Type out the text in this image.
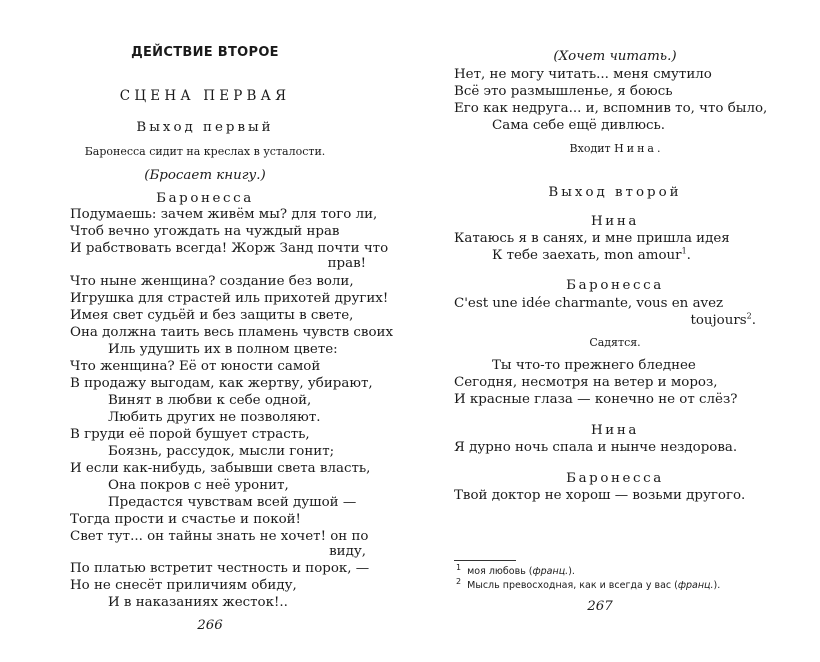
ДЕЙСТВИЕ ВТОРОЕ
СЦЕНА ПЕРВАЯ
Выход первый
Баронесса сидит на креслах в усталости.
(Бросает книгу.)
Баронесса
Подумаешь: зачем живём мы? для того ли,
Чтоб вечно угождать на чуждый нрав
И рабствовать всегда! Жорж Занд почти что
прав!
Что ныне женщина? создание без воли,
Игрушка для страстей иль прихотей других!
Имея свет судьёй и без защиты в свете,
Она должна таить весь пламень чувств своих
Иль удушить их в полном цвете:
Что женщина? Её от юности самой
В продажу выгодам, как жертву, убирают,
Винят в любви к себе одной,
Любить других не позволяют.
В груди её порой бушует страсть,
Боязнь, рассудок, мысли гонит;
И если как-нибудь, забывши света власть,
Она покров с неё уронит,
Предастся чувствам всей душой —
Тогда прости и счастье и покой!
Свет тут... он тайны знать не хочет! он по
виду,
По платью встретит честность и порок, —
Но не снесёт приличиям обиду,
И в наказаниях жесток!..
266
(Хочет читать.)
Нет, не могу читать... меня смутило
Всё это размышленье, я боюсь
Его как недруга... и, вспомнив то, что было,
Сама себе ещё дивлюсь.
Входит Нина.
Выход второй
Нина
Катаюсь я в санях, и мне пришла идея
К тебе заехать, mon amour$^1$.
Баронесса
C'est une idée charmante, vous en avez
toujours$^2$.
Садятся.
Ты что-то прежнего бледнее
Сегодня, несмотря на ветер и мороз,
И красные глаза — конечно не от слёз?
Нина
Я дурно ночь спала и нынче нездорова.
Баронесса
Твой доктор не хорош — возьми другого.
$^1$ моя любовь (франц.).
$^2$ Мысль превосходная, как и всегда у вас (франц.).
267
